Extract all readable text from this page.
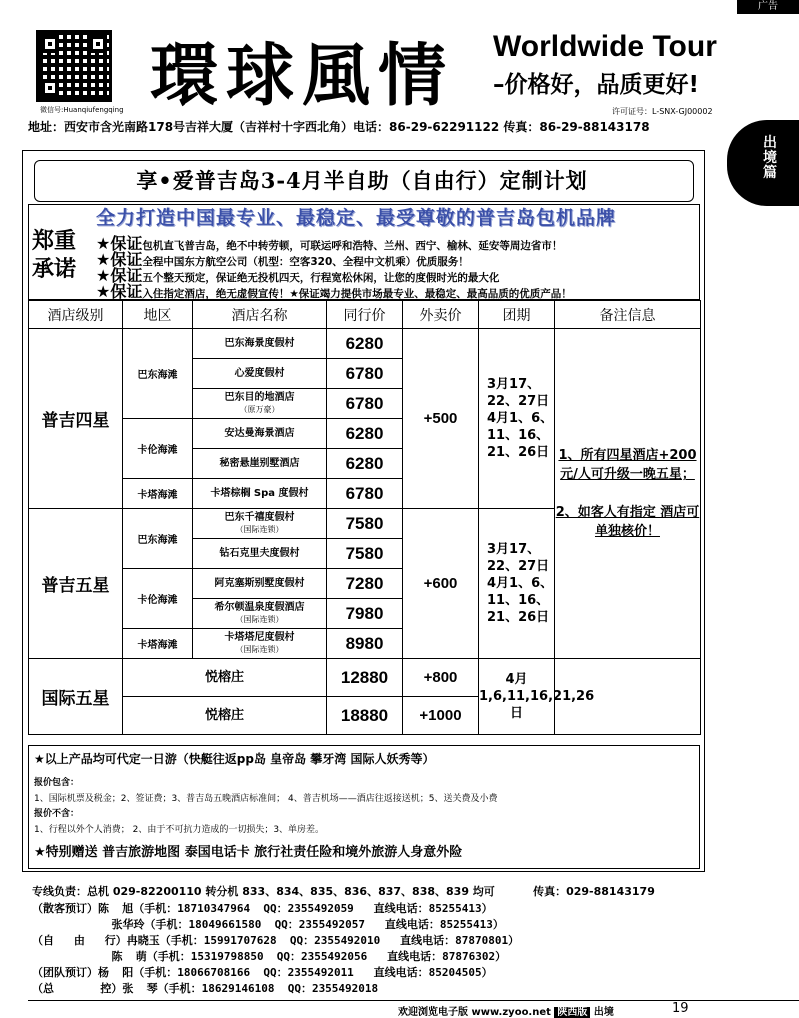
广告
微信号:Huanqiufengqing 環球風情 Worldwide Tour
–价格好，品质更好!
许可证号：L-SNX-GJ00002
地址：西安市含光南路178号吉祥大厦（吉祥村十字西北角）电话：86-29-62291122 传真：86-29-88143178
出境篇
享•爱普吉岛3-4月半自助（自由行）定制计划
郑重承诺
全力打造中国最专业、最稳定、最受尊敬的普吉岛包机品牌
★保证包机直飞普吉岛，绝不中转劳顿，可联运呼和浩特、兰州、西宁、榆林、延安等周边省市！
★保证全程中国东方航空公司（机型：空客320、全程中文机乘）优质服务！
★保证五个整天预定，保证绝无投机四天，行程宽松休闲，让您的度假时光的最大化
★保证入住指定酒店，绝无虚假宣传！★保证竭力提供市场最专业、最稳定、最高品质的优质产品！
酒店级别	地区	酒店名称	同行价	外卖价	团期	备注信息
普吉四星	巴东海滩	巴东海景度假村	6280	+500	3月17、22、27日 4月1、6、11、16、21、26日	1、所有四星酒店+200元/人可升级一晚五星；

2、如客人有指定 酒店可单独核价！
		心爱度假村	6780			
		巴东目的地酒店
（原万豪）	6780			
	卡伦海滩	安达曼海景酒店	6280			
		秘密悬崖别墅酒店	6280			
	卡塔海滩	卡塔棕榈 Spa 度假村	6780			
普吉五星	巴东海滩	巴东千禧度假村
（国际连锁）	7580	+600	3月17、22、27日 4月1、6、11、16、21、26日	
		钻石克里夫度假村	7580			
	卡伦海滩	阿克塞斯别墅度假村	7280			
		希尔顿温泉度假酒店
（国际连锁）	7980			
	卡塔海滩	卡塔塔尼度假村
（国际连锁）	8980			
国际五星	悦榕庄		12880	+800	4月 1,6,11,16,21,26日	
	悦榕庄		18880	+1000		
★以上产品均可代定一日游（快艇往返pp岛 皇帝岛 攀牙湾 国际人妖秀等）
报价包含：
1、国际机票及税金；2、签证费；3、普吉岛五晚酒店标准间； 4、普吉机场——酒店往返接送机；5、送关费及小费
报价不含：
1、行程以外个人消费； 2、由于不可抗力造成的一切损失；3、单房差。
★特别赠送 普吉旅游地图 泰国电话卡 旅行社责任险和境外旅游人身意外险
专线负责：总机 029-82200110 转分机 833、834、835、836、837、838、839 均可          传真：029-88143179
（散客预订）陈  旭（手机：18710347964  QQ：2355492059   直线电话：85255413）
张华玲（手机：18049661580  QQ：2355492057   直线电话：85255413）
（自   由   行）冉晓玉（手机：15991707628  QQ：2355492010   直线电话：87870801）
陈  萌（手机：15319798850  QQ：2355492056   直线电话：87876302）
（团队预订）杨  阳（手机：18066708166  QQ：2355492011   直线电话：85204505）
（总       控）张  琴（手机：18629146108  QQ：2355492018
欢迎浏览电子版 www.zyoo.net 陕西版 出境	19
